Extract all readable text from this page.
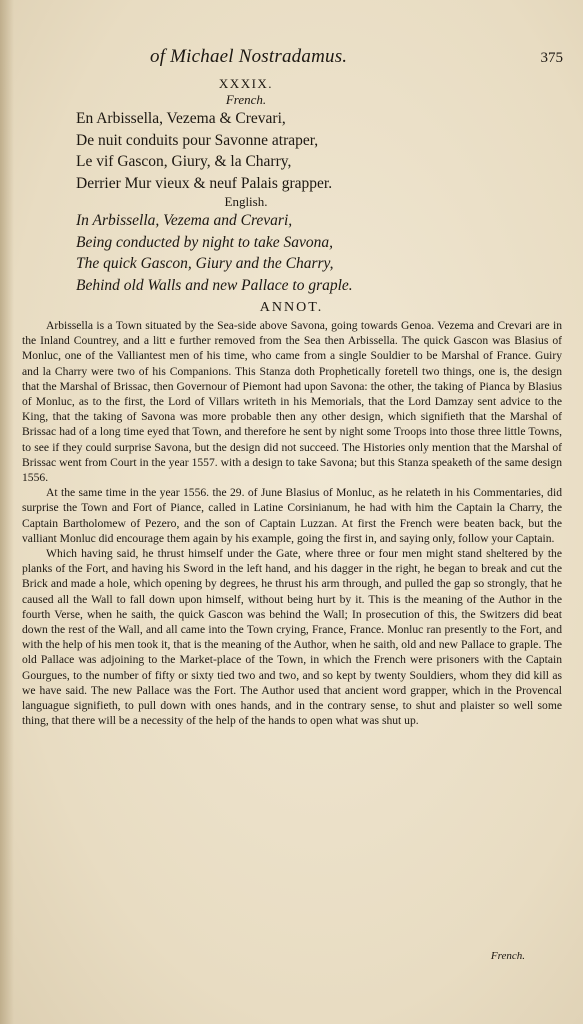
of Michael Nostradamus.	375
XXXIX.
French.
En Arbissella, Vezema & Crevari,
De nuit conduits pour Savonne atraper,
Le vif Gascon, Giury, & la Charry,
Derrier Mur vieux & neuf Palais grapper.
English.
In Arbissella, Vezema and Crevari,
Being conducted by night to take Savona,
The quick Gascon, Giury and the Charry,
Behind old Walls and new Pallace to graple.
ANNOT.

Arbissella is a Town situated by the Sea-side above Savona, going towards Genoa. Vezema and Crevari are in the Inland Countrey, and a litt e further removed from the Sea then Arbissella. The quick Gascon was Blasius of Monluc, one of the Valliantest men of his time, who came from a single Souldier to be Marshal of France. Guiry and la Charry were two of his Companions. This Stanza doth Prophetically foretell two things, one is, the design that the Marshal of Brissac, then Governour of Piemont had upon Savona: the other, the taking of Pianca by Blasius of Monluc, as to the first, the Lord of Villars writeth in his Memorials, that the Lord Damzay sent advice to the King, that the taking of Savona was more probable then any other design, which signifieth that the Marshal of Brissac had of a long time eyed that Town, and therefore he sent by night some Troops into those three little Towns, to see if they could surprise Savona, but the design did not succeed. The Histories only mention that the Marshal of Brissac went from Court in the year 1557. with a design to take Savona; but this Stanza speaketh of the same design 1556.

At the same time in the year 1556. the 29. of June Blasius of Monluc, as he relateth in his Commentaries, did surprise the Town and Fort of Piance, called in Latine Corsinianum, he had with him the Captain la Charry, the Captain Bartholomew of Pezero, and the son of Captain Luzzan. At first the French were beaten back, but the valliant Monluc did encourage them again by his example, going the first in, and saying only, follow your Captain.

Which having said, he thrust himself under the Gate, where three or four men might stand sheltered by the planks of the Fort, and having his Sword in the left hand, and his dagger in the right, he began to break and cut the Brick and made a hole, which opening by degrees, he thrust his arm through, and pulled the gap so strongly, that he caused all the Wall to fall down upon himself, without being hurt by it. This is the meaning of the Author in the fourth Verse, when he saith, the quick Gascon was behind the Wall; In prosecution of this, the Switzers did beat down the rest of the Wall, and all came into the Town crying, France, France. Monluc ran presently to the Fort, and with the help of his men took it, that is the meaning of the Author, when he saith, old and new Pallace to graple. The old Pallace was adjoining to the Market-place of the Town, in which the French were prisoners with the Captain Gourgues, to the number of fifty or sixty tied two and two, and so kept by twenty Souldiers, whom they did kill as we have said. The new Pallace was the Fort. The Author used that ancient word grapper, which in the Provencal languague signifieth, to pull down with ones hands, and in the contrary sense, to shut and plaister so well some thing, that there will be a necessity of the help of the hands to open what was shut up.

French.
